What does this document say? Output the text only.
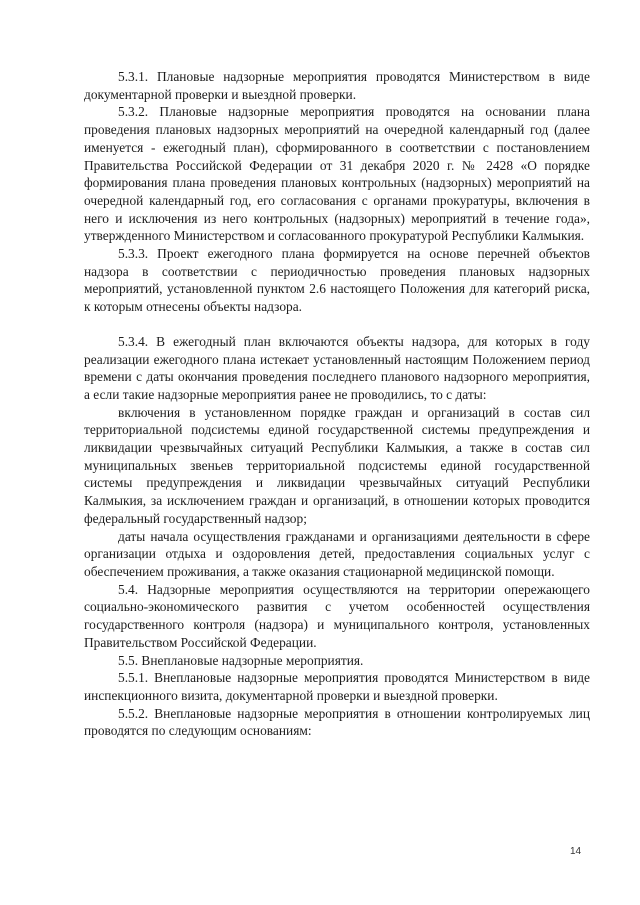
5.3.1. Плановые надзорные мероприятия проводятся Министерством в виде документарной проверки и выездной проверки.

5.3.2. Плановые надзорные мероприятия проводятся на основании плана проведения плановых надзорных мероприятий на очередной календарный год (далее именуется - ежегодный план), сформированного в соответствии с постановлением Правительства Российской Федерации от 31 декабря 2020 г. № 2428 «О порядке формирования плана проведения плановых контрольных (надзорных) мероприятий на очередной календарный год, его согласования с органами прокуратуры, включения в него и исключения из него контрольных (надзорных) мероприятий в течение года», утвержденного Министерством и согласованного прокуратурой Республики Калмыкия.

5.3.3. Проект ежегодного плана формируется на основе перечней объектов надзора в соответствии с периодичностью проведения плановых надзорных мероприятий, установленной пунктом 2.6 настоящего Положения для категорий риска, к которым отнесены объекты надзора.

5.3.4. В ежегодный план включаются объекты надзора, для которых в году реализации ежегодного плана истекает установленный настоящим Положением период времени с даты окончания проведения последнего планового надзорного мероприятия, а если такие надзорные мероприятия ранее не проводились, то с даты:

включения в установленном порядке граждан и организаций в состав сил территориальной подсистемы единой государственной системы предупреждения и ликвидации чрезвычайных ситуаций Республики Калмыкия, а также в состав сил муниципальных звеньев территориальной подсистемы единой государственной системы предупреждения и ликвидации чрезвычайных ситуаций Республики Калмыкия, за исключением граждан и организаций, в отношении которых проводится федеральный государственный надзор;

даты начала осуществления гражданами и организациями деятельности в сфере организации отдыха и оздоровления детей, предоставления социальных услуг с обеспечением проживания, а также оказания стационарной медицинской помощи.

5.4. Надзорные мероприятия осуществляются на территории опережающего социально-экономического развития с учетом особенностей осуществления государственного контроля (надзора) и муниципального контроля, установленных Правительством Российской Федерации.

5.5. Внеплановые надзорные мероприятия.

5.5.1. Внеплановые надзорные мероприятия проводятся Министерством в виде инспекционного визита, документарной проверки и выездной проверки.

5.5.2. Внеплановые надзорные мероприятия в отношении контролируемых лиц проводятся по следующим основаниям:

14
